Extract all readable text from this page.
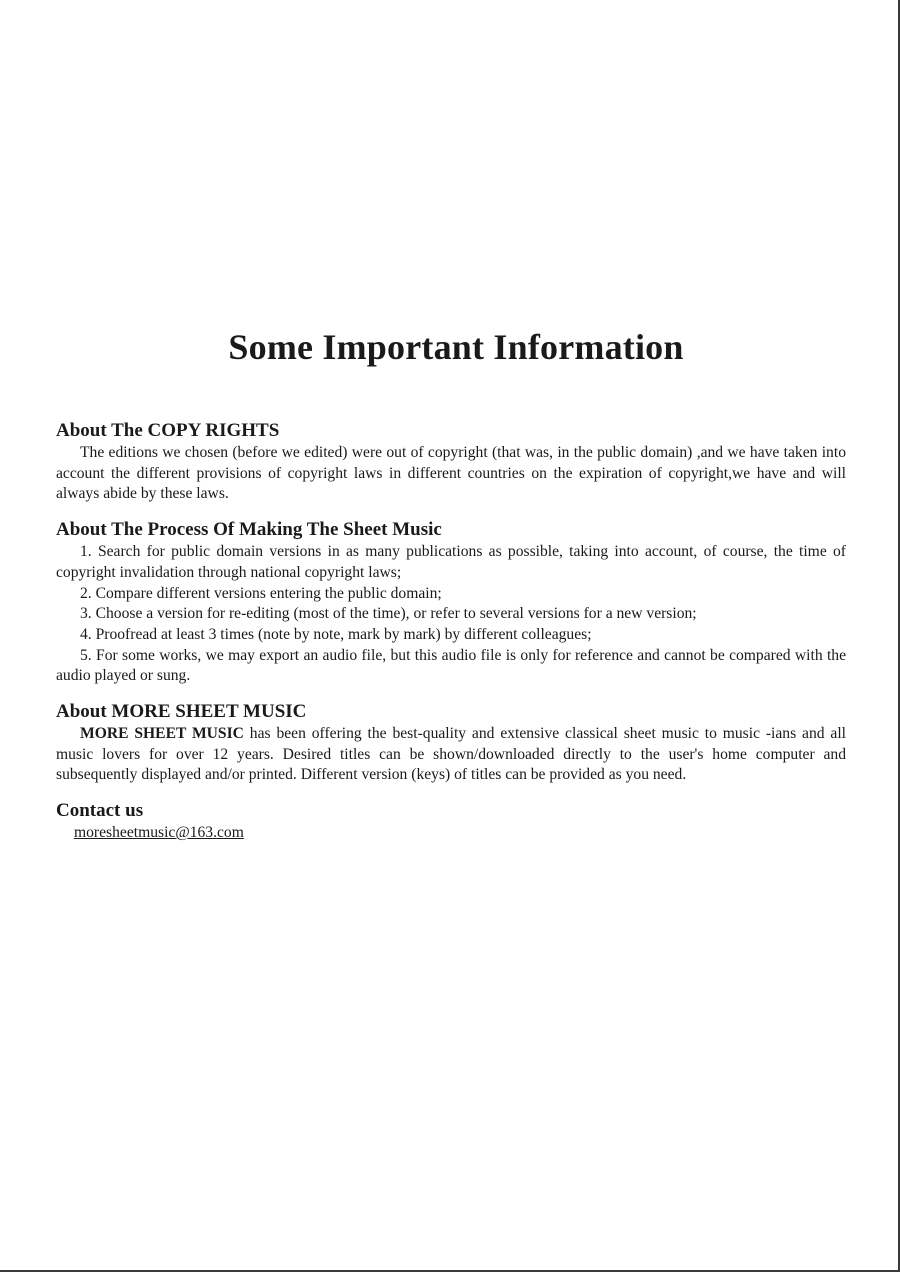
Some Important Information

About The COPY RIGHTS

The editions we chosen (before we edited) were out of copyright (that was, in the public domain) ,and we have taken into account the different provisions of copyright laws in different countries on the expiration of copyright,we have and will always abide by these laws.

About The Process Of Making The Sheet Music

1. Search for public domain versions in as many publications as possible, taking into account, of course, the time of copyright invalidation through national copyright laws;

2. Compare different versions entering the public domain;

3. Choose a version for re-editing (most of the time), or refer to several versions for a new version;

4. Proofread at least 3 times (note by note, mark by mark) by different colleagues;

5. For some works, we may export an audio file, but this audio file is only for reference and cannot be compared with the audio played or sung.

About MORE SHEET MUSIC

MORE SHEET MUSIC has been offering the best-quality and extensive classical sheet music to music -ians and all music lovers for over 12 years. Desired titles can be shown/downloaded directly to the user's home computer and subsequently displayed and/or printed. Different version (keys) of titles can be provided as you need.

Contact us

moresheetmusic@163.com
